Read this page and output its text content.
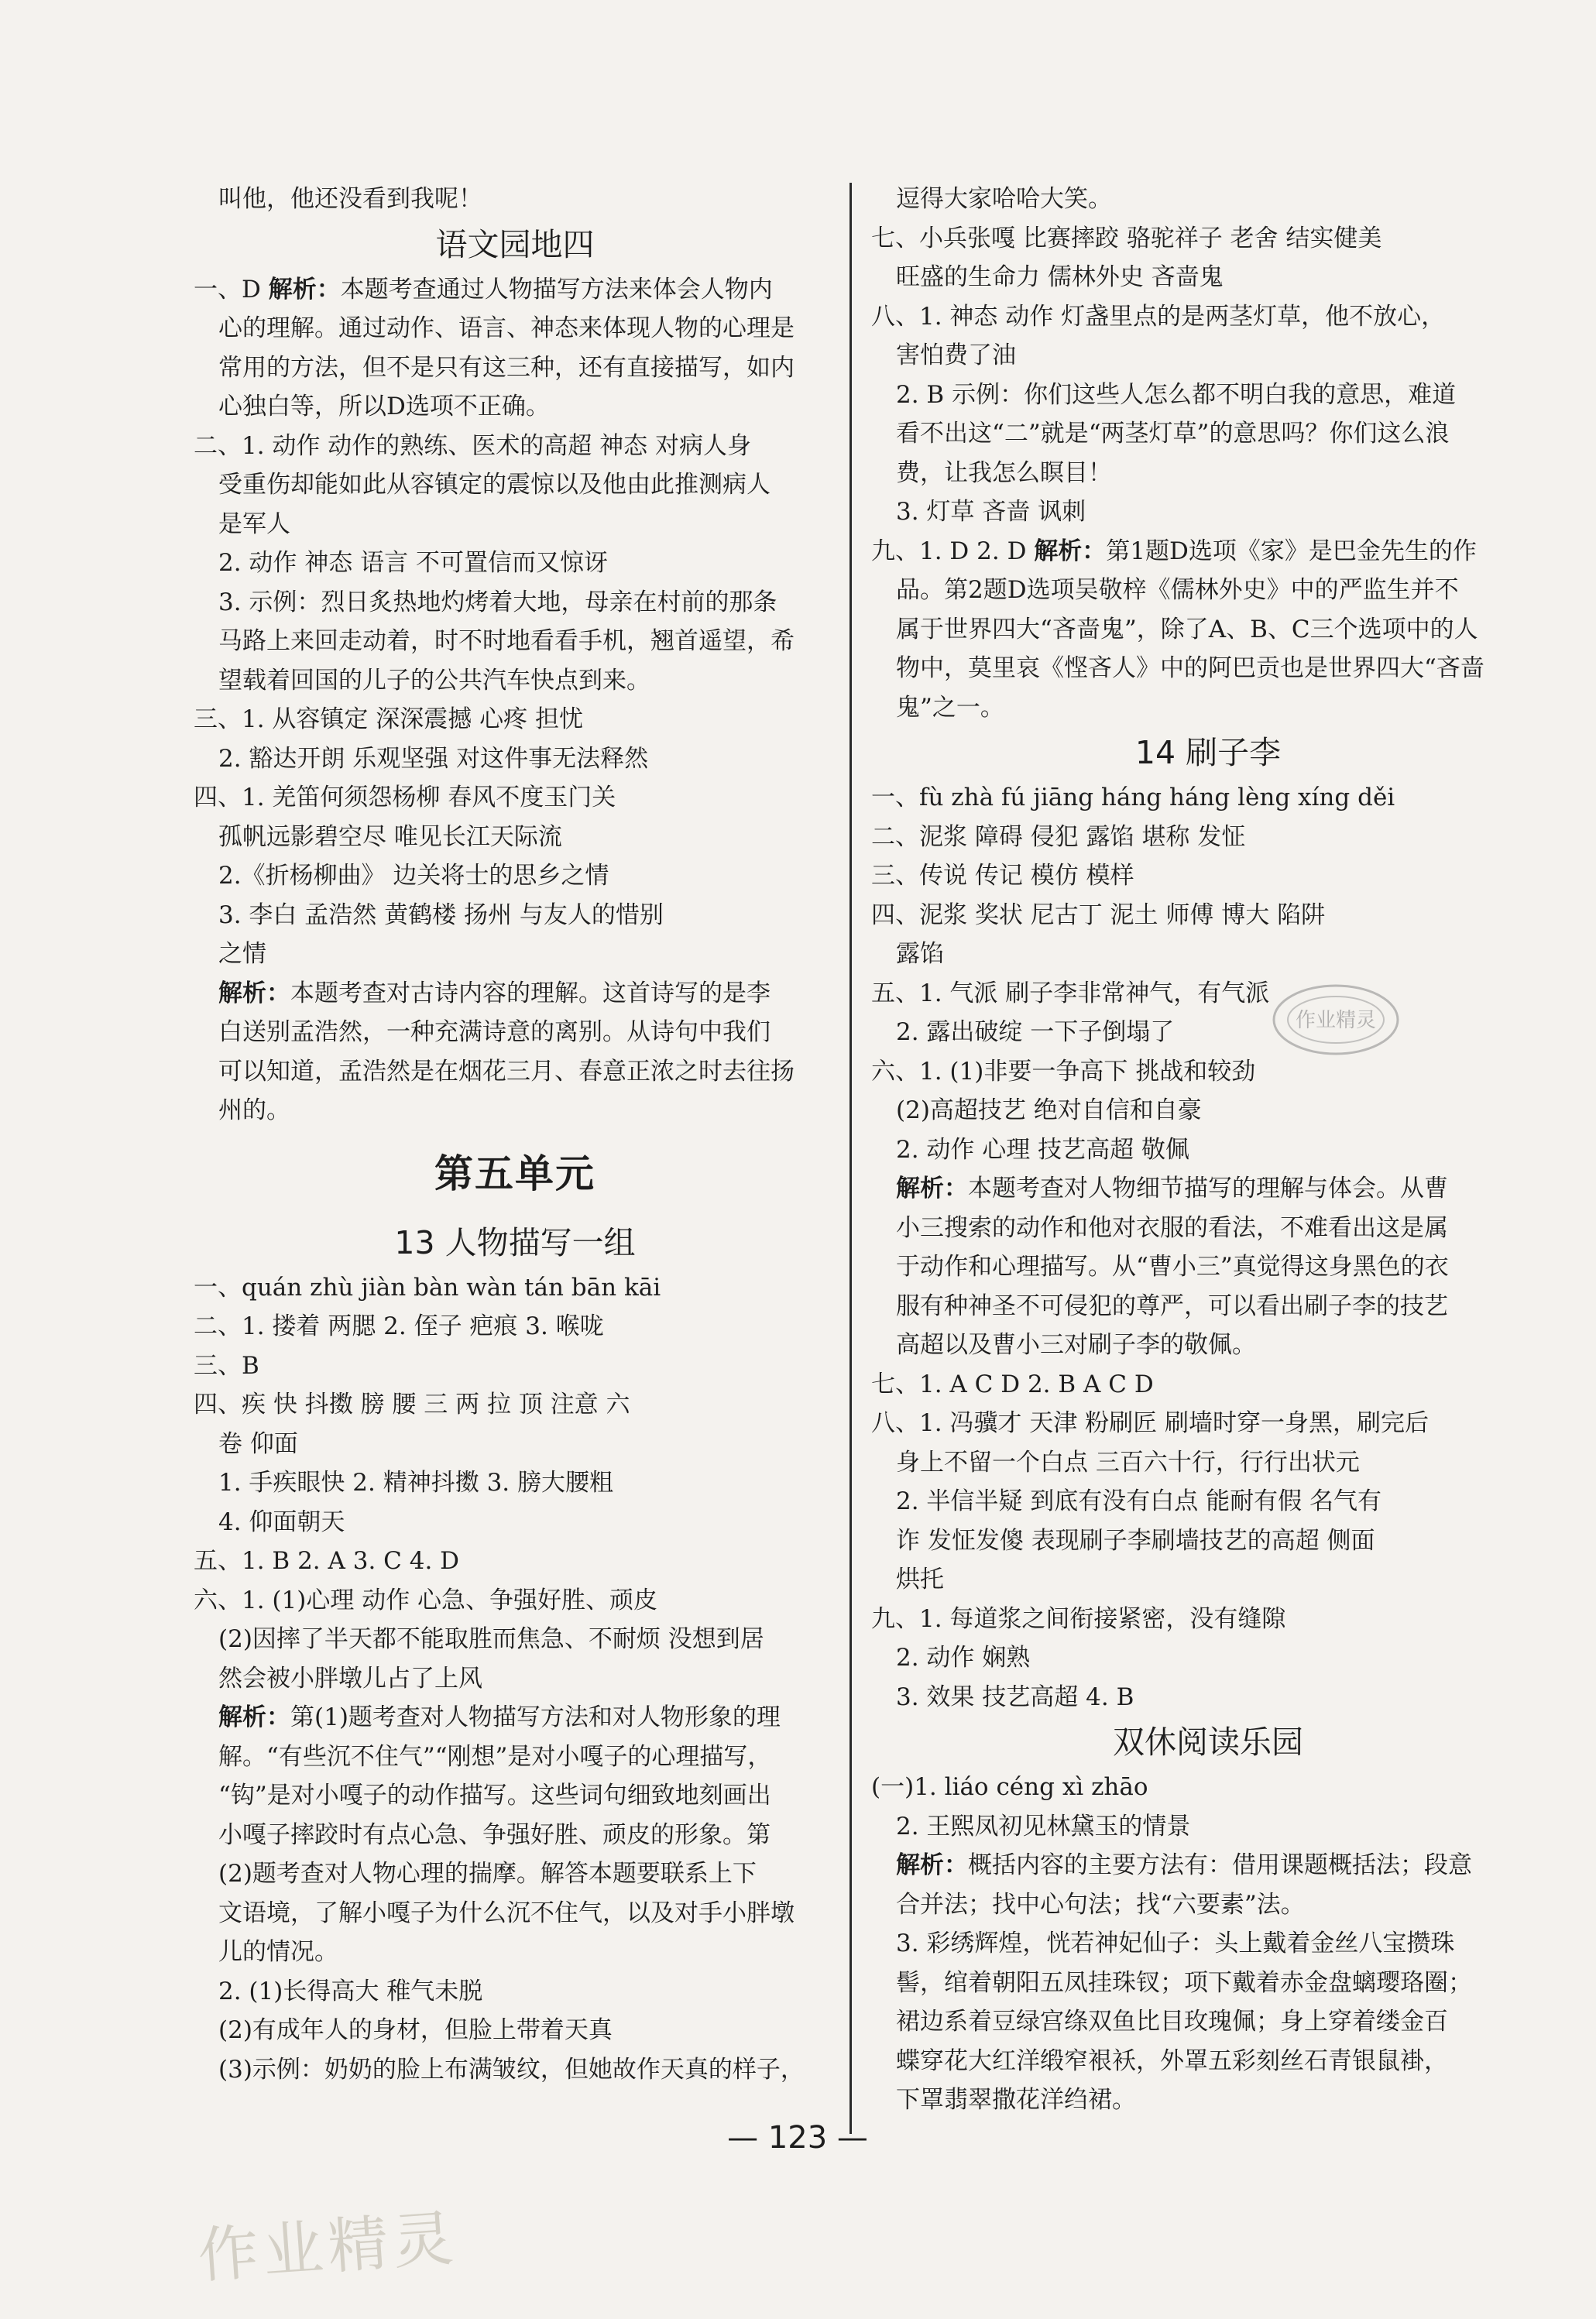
叫他，他还没看到我呢！
语文园地四
一、D 解析：本题考查通过人物描写方法来体会人物内
心的理解。通过动作、语言、神态来体现人物的心理是
常用的方法，但不是只有这三种，还有直接描写，如内
心独白等，所以D选项不正确。
二、1. 动作 动作的熟练、医术的高超 神态 对病人身
受重伤却能如此从容镇定的震惊以及他由此推测病人
是军人
2. 动作 神态 语言 不可置信而又惊讶
3. 示例：烈日炙热地灼烤着大地，母亲在村前的那条
马路上来回走动着，时不时地看看手机，翘首遥望，希
望载着回国的儿子的公共汽车快点到来。
三、1. 从容镇定 深深震撼 心疼 担忧
2. 豁达开朗 乐观坚强 对这件事无法释然
四、1. 羌笛何须怨杨柳 春风不度玉门关
孤帆远影碧空尽 唯见长江天际流
2.《折杨柳曲》 边关将士的思乡之情
3. 李白 孟浩然 黄鹤楼 扬州 与友人的惜别
之情
解析：本题考查对古诗内容的理解。这首诗写的是李
白送别孟浩然，一种充满诗意的离别。从诗句中我们
可以知道，孟浩然是在烟花三月、春意正浓之时去往扬
州的。
第五单元
13 人物描写一组
一、quán zhù jiàn bàn wàn tán bān kāi
二、1. 搂着 两腮 2. 侄子 疤痕 3. 喉咙
三、B
四、疾 快 抖擞 膀 腰 三 两 拉 顶 注意 六
卷 仰面
1. 手疾眼快 2. 精神抖擞 3. 膀大腰粗
4. 仰面朝天
五、1. B 2. A 3. C 4. D
六、1. (1)心理 动作 心急、争强好胜、顽皮
(2)因摔了半天都不能取胜而焦急、不耐烦 没想到居
然会被小胖墩儿占了上风
解析：第(1)题考查对人物描写方法和对人物形象的理
解。“有些沉不住气”“刚想”是对小嘎子的心理描写，
“钩”是对小嘎子的动作描写。这些词句细致地刻画出
小嘎子摔跤时有点心急、争强好胜、顽皮的形象。第
(2)题考查对人物心理的揣摩。解答本题要联系上下
文语境，了解小嘎子为什么沉不住气，以及对手小胖墩
儿的情况。
2. (1)长得高大 稚气未脱
(2)有成年人的身材，但脸上带着天真
(3)示例：奶奶的脸上布满皱纹，但她故作天真的样子，
逗得大家哈哈大笑。
七、小兵张嘎 比赛摔跤 骆驼祥子 老舍 结实健美
旺盛的生命力 儒林外史 吝啬鬼
八、1. 神态 动作 灯盏里点的是两茎灯草，他不放心，
害怕费了油
2. B 示例：你们这些人怎么都不明白我的意思，难道
看不出这“二”就是“两茎灯草”的意思吗？你们这么浪
费，让我怎么瞑目！
3. 灯草 吝啬 讽刺
九、1. D 2. D 解析：第1题D选项《家》是巴金先生的作
品。第2题D选项吴敬梓《儒林外史》中的严监生并不
属于世界四大“吝啬鬼”，除了A、B、C三个选项中的人
物中，莫里哀《悭吝人》中的阿巴贡也是世界四大“吝啬
鬼”之一。
14 刷子李
一、fù zhà fú jiāng háng háng lèng xíng děi
二、泥浆 障碍 侵犯 露馅 堪称 发怔
三、传说 传记 模仿 模样
四、泥浆 奖状 尼古丁 泥土 师傅 博大 陷阱
露馅
五、1. 气派 刷子李非常神气，有气派
2. 露出破绽 一下子倒塌了
六、1. (1)非要一争高下 挑战和较劲
(2)高超技艺 绝对自信和自豪
2. 动作 心理 技艺高超 敬佩
解析：本题考查对人物细节描写的理解与体会。从曹
小三搜索的动作和他对衣服的看法，不难看出这是属
于动作和心理描写。从“曹小三”真觉得这身黑色的衣
服有种神圣不可侵犯的尊严，可以看出刷子李的技艺
高超以及曹小三对刷子李的敬佩。
七、1. A C D 2. B A C D
八、1. 冯骥才 天津 粉刷匠 刷墙时穿一身黑，刷完后
身上不留一个白点 三百六十行，行行出状元
2. 半信半疑 到底有没有白点 能耐有假 名气有
诈 发怔发傻 表现刷子李刷墙技艺的高超 侧面
烘托
九、1. 每道浆之间衔接紧密，没有缝隙
2. 动作 娴熟
3. 效果 技艺高超 4. B
双休阅读乐园
(一)1. liáo céng xì zhāo
2. 王熙凤初见林黛玉的情景
解析：概括内容的主要方法有：借用课题概括法；段意
合并法；找中心句法；找“六要素”法。
3. 彩绣辉煌，恍若神妃仙子：头上戴着金丝八宝攒珠
髻，绾着朝阳五凤挂珠钗；项下戴着赤金盘螭璎珞圈；
裙边系着豆绿宫绦双鱼比目玫瑰佩；身上穿着缕金百
蝶穿花大红洋缎窄裉袄，外罩五彩刻丝石青银鼠褂，
下罩翡翠撒花洋绉裙。
— 123 —
作业精灵
作业精灵
